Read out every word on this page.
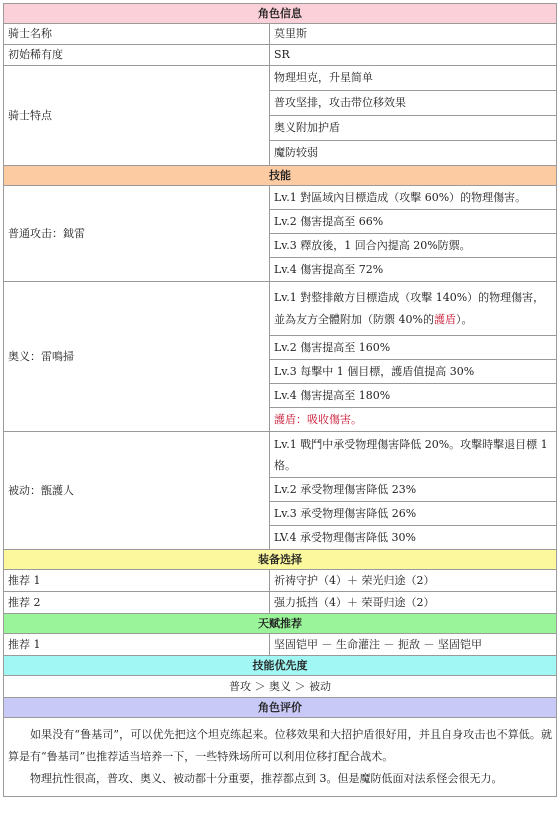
角色信息	
骑士名称	莫里斯
初始稀有度	SR
骑士特点	物理坦克，升星简单
	普攻坚排，攻击带位移效果
	奥义附加护盾
	魔防较弱
技能	
普通攻击：鉞雷	Lv.1 對區域內目標造成（攻擊 60%）的物理傷害。
	Lv.2 傷害提高至 66%
	Lv.3 釋放後，1 回合內提高 20%防禦。
	Lv.4 傷害提高至 72%
奥义：雷鳴掃	Lv.1 對整排敵方目標造成（攻擊 140%）的物理傷害，並為友方全體附加（防禦 40%的護盾）。
	Lv.2 傷害提高至 160%
	Lv.3 每擊中 1 個目標，護盾值提高 30%
	Lv.4 傷害提高至 180%
	護盾：吸收傷害。
被动：甑護人	Lv.1 戰鬥中承受物理傷害降低 20%。攻擊時擊退目標 1 格。
	Lv.2 承受物理傷害降低 23%
	Lv.3 承受物理傷害降低 26%
	LV.4 承受物理傷害降低 30%
装备选择	
推荐 1	祈祷守护（4）＋ 荣光归途（2）
推荐 2	强力抵挡（4）＋ 荣哥归途（2）
天赋推荐	
推荐 1	坚固铠甲 － 生命灌注 － 扼敌 － 坚固铠甲
技能优先度	
普攻 ＞ 奥义 ＞ 被动	
角色评价	

如果没有“鲁基司”，可以优先把这个坦克练起来。位移效果和大招护盾很好用，并且自身攻击也不算低。就算是有“鲁基司”也推荐适当培养一下，一些特殊场所可以利用位移打配合战术。

物理抗性很高，普攻、奥义、被动都十分重要，推荐都点到 3。但是魔防低面对法系怪会很无力。	
